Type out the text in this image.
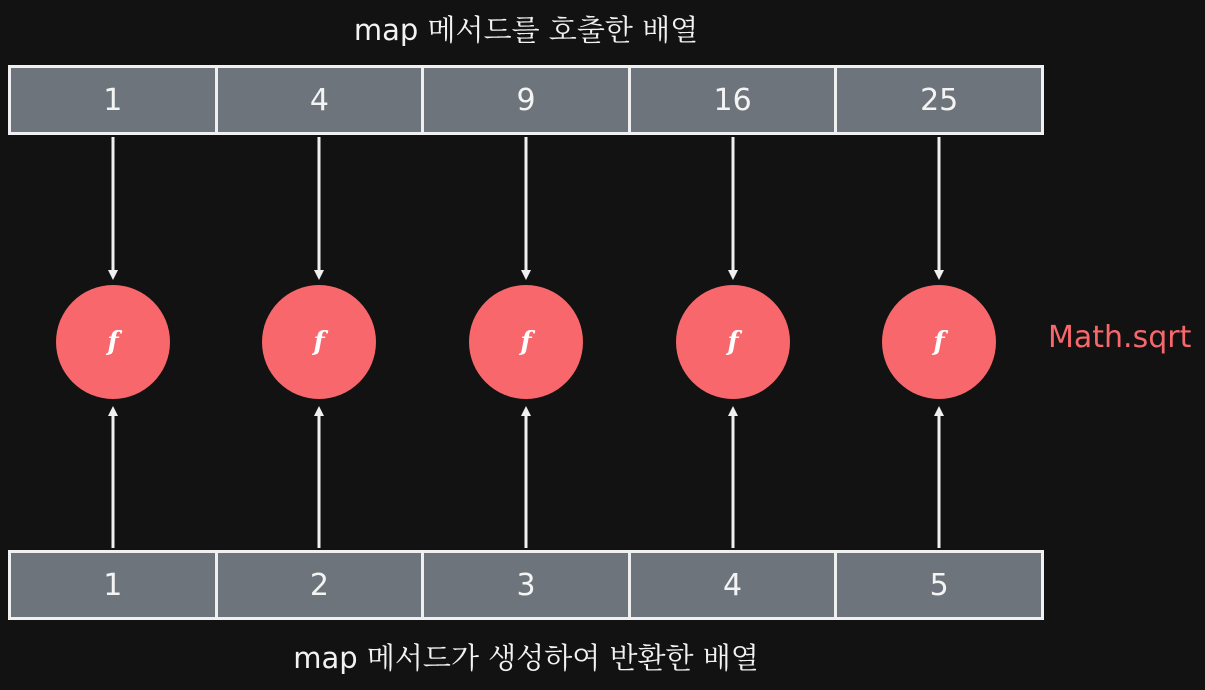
map 메서드를 호출한 배열
1	4	9	16	25
f	f	f	f	f	Math.sqrt
1	2	3	4	5
map 메서드가 생성하여 반환한 배열
